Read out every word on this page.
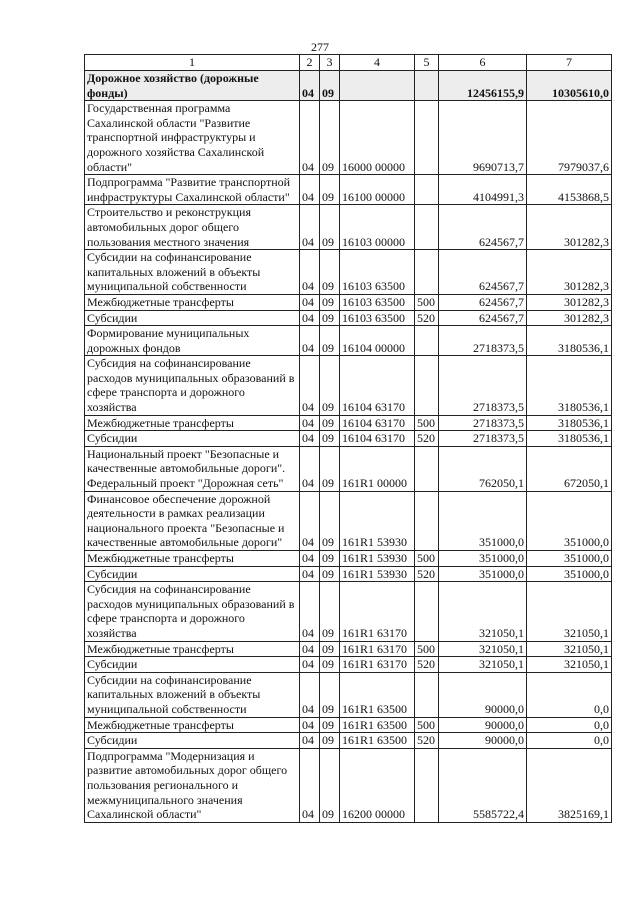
277
1	2	3	4	5	6	7
Дорожное хозяйство (дорожные фонды)	04	09			12456155,9	10305610,0
Государственная программа Сахалинской области "Развитие транспортной инфраструктуры и дорожного хозяйства Сахалинской области"	04	09	16000 00000		9690713,7	7979037,6
Подпрограмма "Развитие транспортной инфраструктуры Сахалинской области"	04	09	16100 00000		4104991,3	4153868,5
Строительство и реконструкция автомобильных дорог общего пользования местного значения	04	09	16103 00000		624567,7	301282,3
Субсидии на софинансирование капитальных вложений в объекты муниципальной собственности	04	09	16103 63500		624567,7	301282,3
Межбюджетные трансферты	04	09	16103 63500	500	624567,7	301282,3
Субсидии	04	09	16103 63500	520	624567,7	301282,3
Формирование муниципальных дорожных фондов	04	09	16104 00000		2718373,5	3180536,1
Субсидия на софинансирование расходов муниципальных образований в сфере транспорта и дорожного хозяйства	04	09	16104 63170		2718373,5	3180536,1
Межбюджетные трансферты	04	09	16104 63170	500	2718373,5	3180536,1
Субсидии	04	09	16104 63170	520	2718373,5	3180536,1
Национальный проект "Безопасные и качественные автомобильные дороги". Федеральный проект "Дорожная сеть"	04	09	161R1 00000		762050,1	672050,1
Финансовое обеспечение дорожной деятельности в рамках реализации национального проекта "Безопасные и качественные автомобильные дороги"	04	09	161R1 53930		351000,0	351000,0
Межбюджетные трансферты	04	09	161R1 53930	500	351000,0	351000,0
Субсидии	04	09	161R1 53930	520	351000,0	351000,0
Субсидия на софинансирование расходов муниципальных образований в сфере транспорта и дорожного хозяйства	04	09	161R1 63170		321050,1	321050,1
Межбюджетные трансферты	04	09	161R1 63170	500	321050,1	321050,1
Субсидии	04	09	161R1 63170	520	321050,1	321050,1
Субсидии на софинансирование капитальных вложений в объекты муниципальной собственности	04	09	161R1 63500		90000,0	0,0
Межбюджетные трансферты	04	09	161R1 63500	500	90000,0	0,0
Субсидии	04	09	161R1 63500	520	90000,0	0,0
Подпрограмма "Модернизация и развитие автомобильных дорог общего пользования регионального и межмуниципального значения Сахалинской области"	04	09	16200 00000		5585722,4	3825169,1
